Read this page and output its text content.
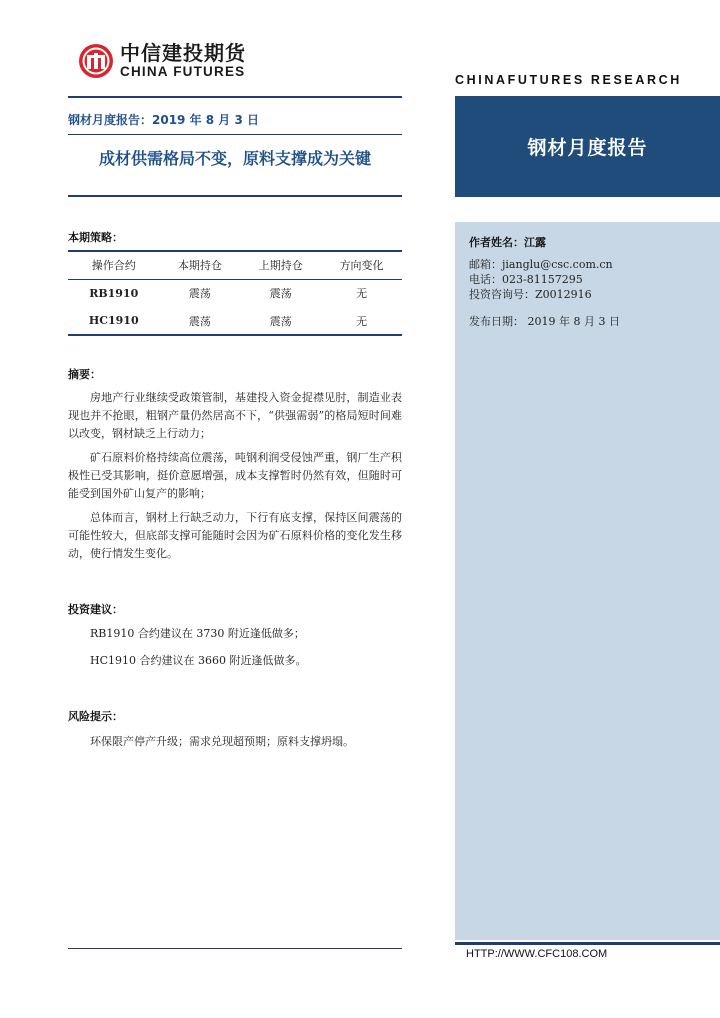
中信建投期货
CHINA FUTURES
CHINAFUTURES RESEARCH
钢材月度报告：2019 年 8 月 3 日
成材供需格局不变，原料支撑成为关键	钢材月度报告
作者姓名：江露
邮箱：jianglu@csc.com.cn
电话：023-81157295
投资咨询号：Z0012916
发布日期： 2019 年 8 月 3 日
本期策略：
操作合约	本期持仓	上期持仓	方向变化
RB1910	震荡	震荡	无
HC1910	震荡	震荡	无
摘要：
房地产行业继续受政策管制，基建投入资金捉襟见肘，制造业表现也并不抢眼，粗钢产量仍然居高不下，“供强需弱”的格局短时间难以改变，钢材缺乏上行动力；
矿石原料价格持续高位震荡，吨钢利润受侵蚀严重，钢厂生产积极性已受其影响，挺价意愿增强，成本支撑暂时仍然有效，但随时可能受到国外矿山复产的影响；
总体而言，钢材上行缺乏动力，下行有底支撑，保持区间震荡的可能性较大，但底部支撑可能随时会因为矿石原料价格的变化发生移动，使行情发生变化。
投资建议：
RB1910 合约建议在 3730 附近逢低做多；
HC1910 合约建议在 3660 附近逢低做多。
风险提示：
环保限产停产升级；需求兑现超预期；原料支撑坍塌。
HTTP://WWW.CFC108.COM
